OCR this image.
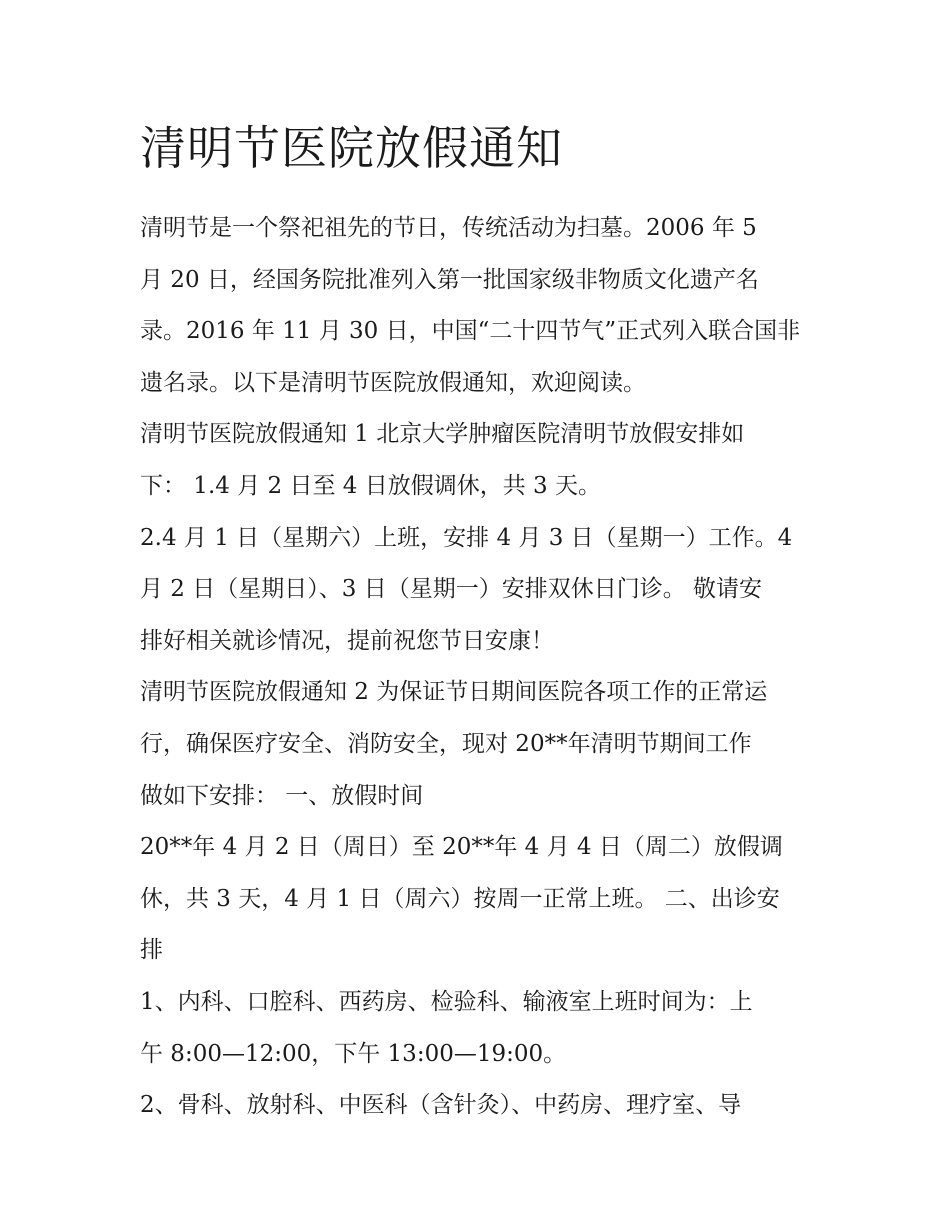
清明节医院放假通知

清明节是一个祭祀祖先的节日，传统活动为扫墓。2006 年 5
月 20 日，经国务院批准列入第一批国家级非物质文化遗产名
录。2016 年 11 月 30 日，中国“二十四节气”正式列入联合国非
遗名录。以下是清明节医院放假通知，欢迎阅读。

清明节医院放假通知 1 北京大学肿瘤医院清明节放假安排如
下： 1.4 月 2 日至 4 日放假调休，共 3 天。

2.4 月 1 日（星期六）上班，安排 4 月 3 日（星期一）工作。4
月 2 日（星期日）、3 日（星期一）安排双休日门诊。 敬请安
排好相关就诊情况，提前祝您节日安康！

清明节医院放假通知 2 为保证节日期间医院各项工作的正常运
行，确保医疗安全、消防安全，现对 20**年清明节期间工作
做如下安排： 一、放假时间

20**年 4 月 2 日（周日）至 20**年 4 月 4 日（周二）放假调
休，共 3 天，4 月 1 日（周六）按周一正常上班。 二、出诊安
排

1、内科、口腔科、西药房、检验科、输液室上班时间为：上
午 8:00—12:00，下午 13:00—19:00。

2、骨科、放射科、中医科（含针灸）、中药房、理疗室、导
